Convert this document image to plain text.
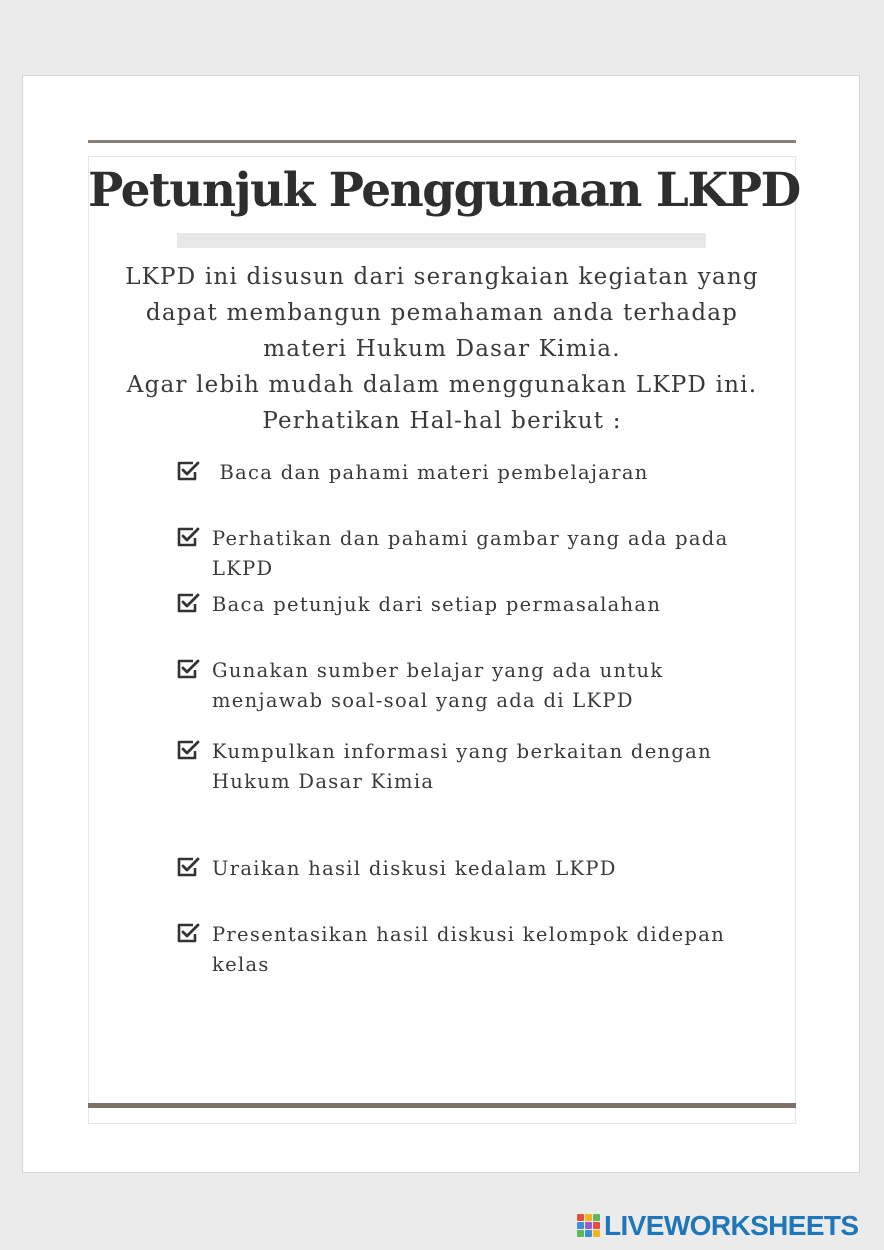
Petunjuk Penggunaan LKPD
LKPD ini disusun dari serangkaian kegiatan yang
dapat membangun pemahaman anda terhadap
materi Hukum Dasar Kimia.
Agar lebih mudah dalam menggunakan LKPD ini.
Perhatikan Hal-hal berikut :
Baca dan pahami materi pembelajaran
Perhatikan dan pahami gambar yang ada pada
LKPD
Baca petunjuk dari setiap permasalahan
Gunakan sumber belajar yang ada untuk
menjawab soal-soal yang ada di LKPD
Kumpulkan informasi yang berkaitan dengan
Hukum Dasar Kimia
Uraikan hasil diskusi kedalam LKPD
Presentasikan hasil diskusi kelompok didepan
kelas
LIVEWORKSHEETS
